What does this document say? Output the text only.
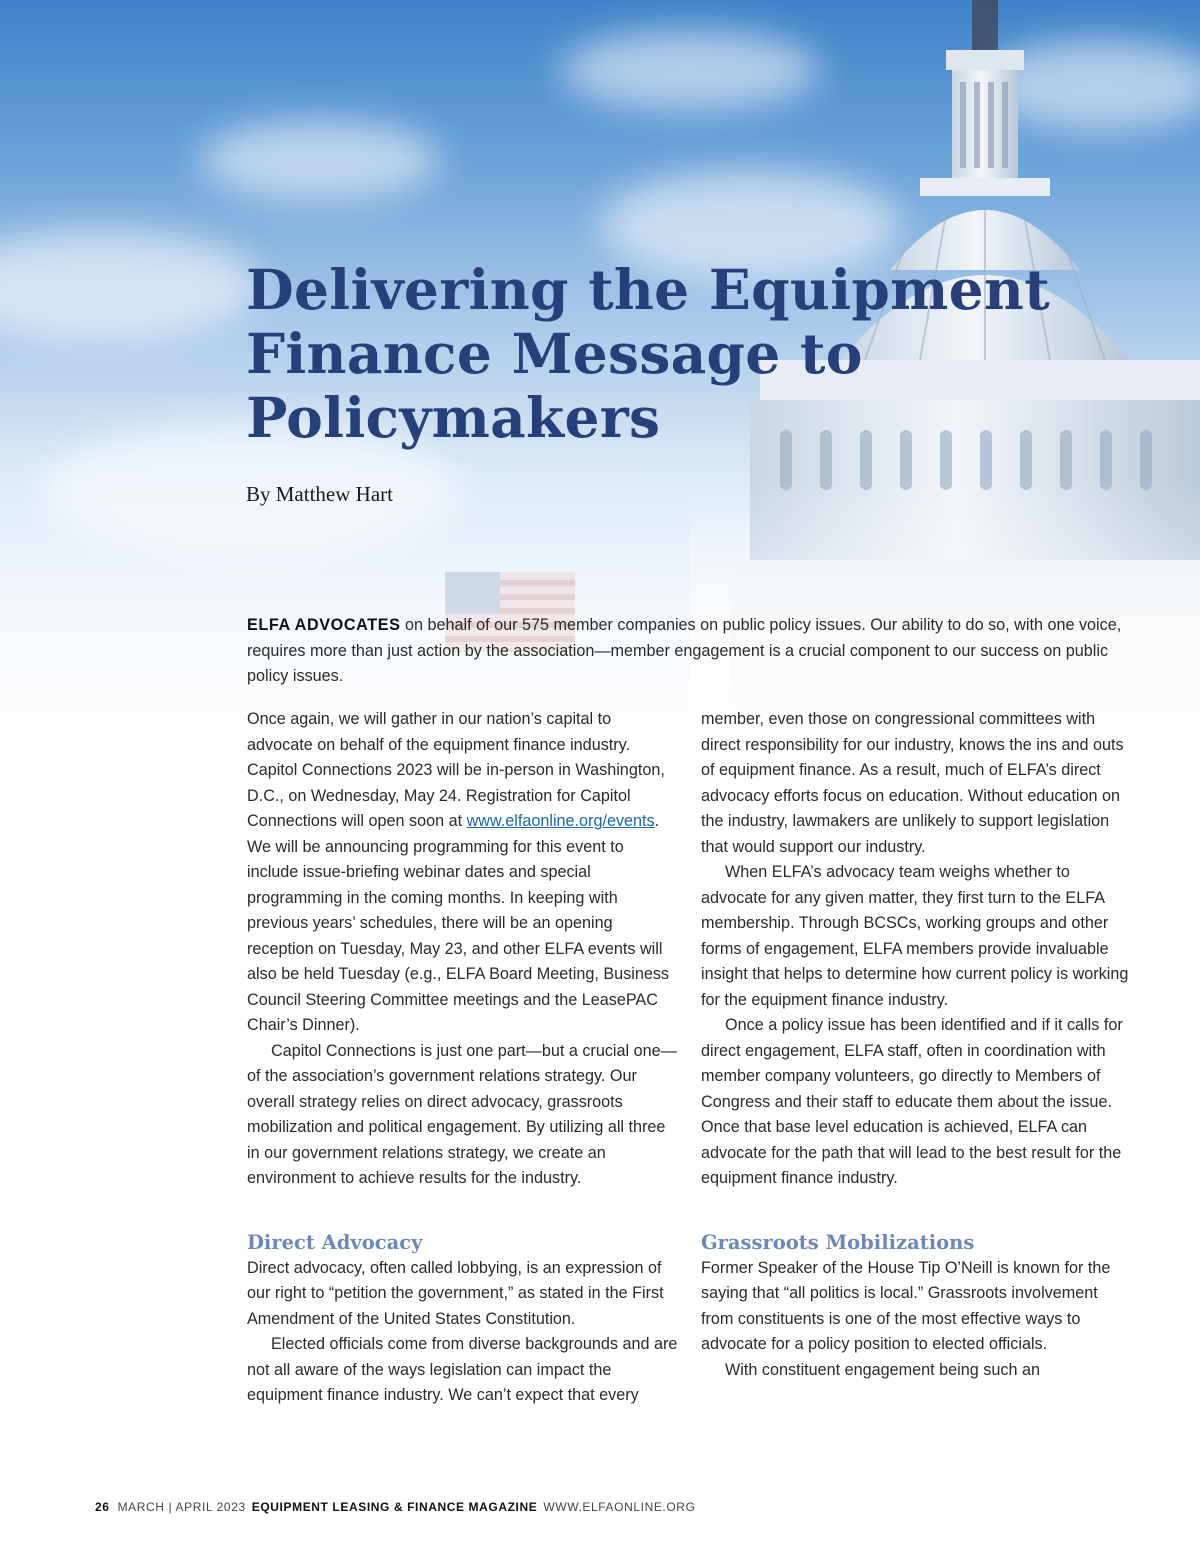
Delivering the Equipment Finance Message to Policymakers

By Matthew Hart

ELFA ADVOCATES on behalf of our 575 member companies on public policy issues. Our ability to do so, with one voice, requires more than just action by the association—member engagement is a crucial component to our success on public policy issues.

Once again, we will gather in our nation’s capital to advocate on behalf of the equipment finance industry. Capitol Connections 2023 will be in-person in Washington, D.C., on Wednesday, May 24. Registration for Capitol Connections will open soon at www.elfaonline.org/events. We will be announcing programming for this event to include issue-briefing webinar dates and special programming in the coming months. In keeping with previous years’ schedules, there will be an opening reception on Tuesday, May 23, and other ELFA events will also be held Tuesday (e.g., ELFA Board Meeting, Business Council Steering Committee meetings and the LeasePAC Chair’s Dinner).

Capitol Connections is just one part—but a crucial one—of the association’s government relations strategy. Our overall strategy relies on direct advocacy, grassroots mobilization and political engagement. By utilizing all three in our government relations strategy, we create an environment to achieve results for the industry.

Direct Advocacy

Direct advocacy, often called lobbying, is an expression of our right to “petition the government,” as stated in the First Amendment of the United States Constitution.

Elected officials come from diverse backgrounds and are not all aware of the ways legislation can impact the equipment finance industry. We can’t expect that every

member, even those on congressional committees with direct responsibility for our industry, knows the ins and outs of equipment finance. As a result, much of ELFA’s direct advocacy efforts focus on education. Without education on the industry, lawmakers are unlikely to support legislation that would support our industry.

When ELFA’s advocacy team weighs whether to advocate for any given matter, they first turn to the ELFA membership. Through BCSCs, working groups and other forms of engagement, ELFA members provide invaluable insight that helps to determine how current policy is working for the equipment finance industry.

Once a policy issue has been identified and if it calls for direct engagement, ELFA staff, often in coordination with member company volunteers, go directly to Members of Congress and their staff to educate them about the issue. Once that base level education is achieved, ELFA can advocate for the path that will lead to the best result for the equipment finance industry.

Grassroots Mobilizations

Former Speaker of the House Tip O’Neill is known for the saying that “all politics is local.” Grassroots involvement from constituents is one of the most effective ways to advocate for a policy position to elected officials.

With constituent engagement being such an

26 MARCH | APRIL 2023 EQUIPMENT LEASING & FINANCE MAGAZINE WWW.ELFAONLINE.ORG
